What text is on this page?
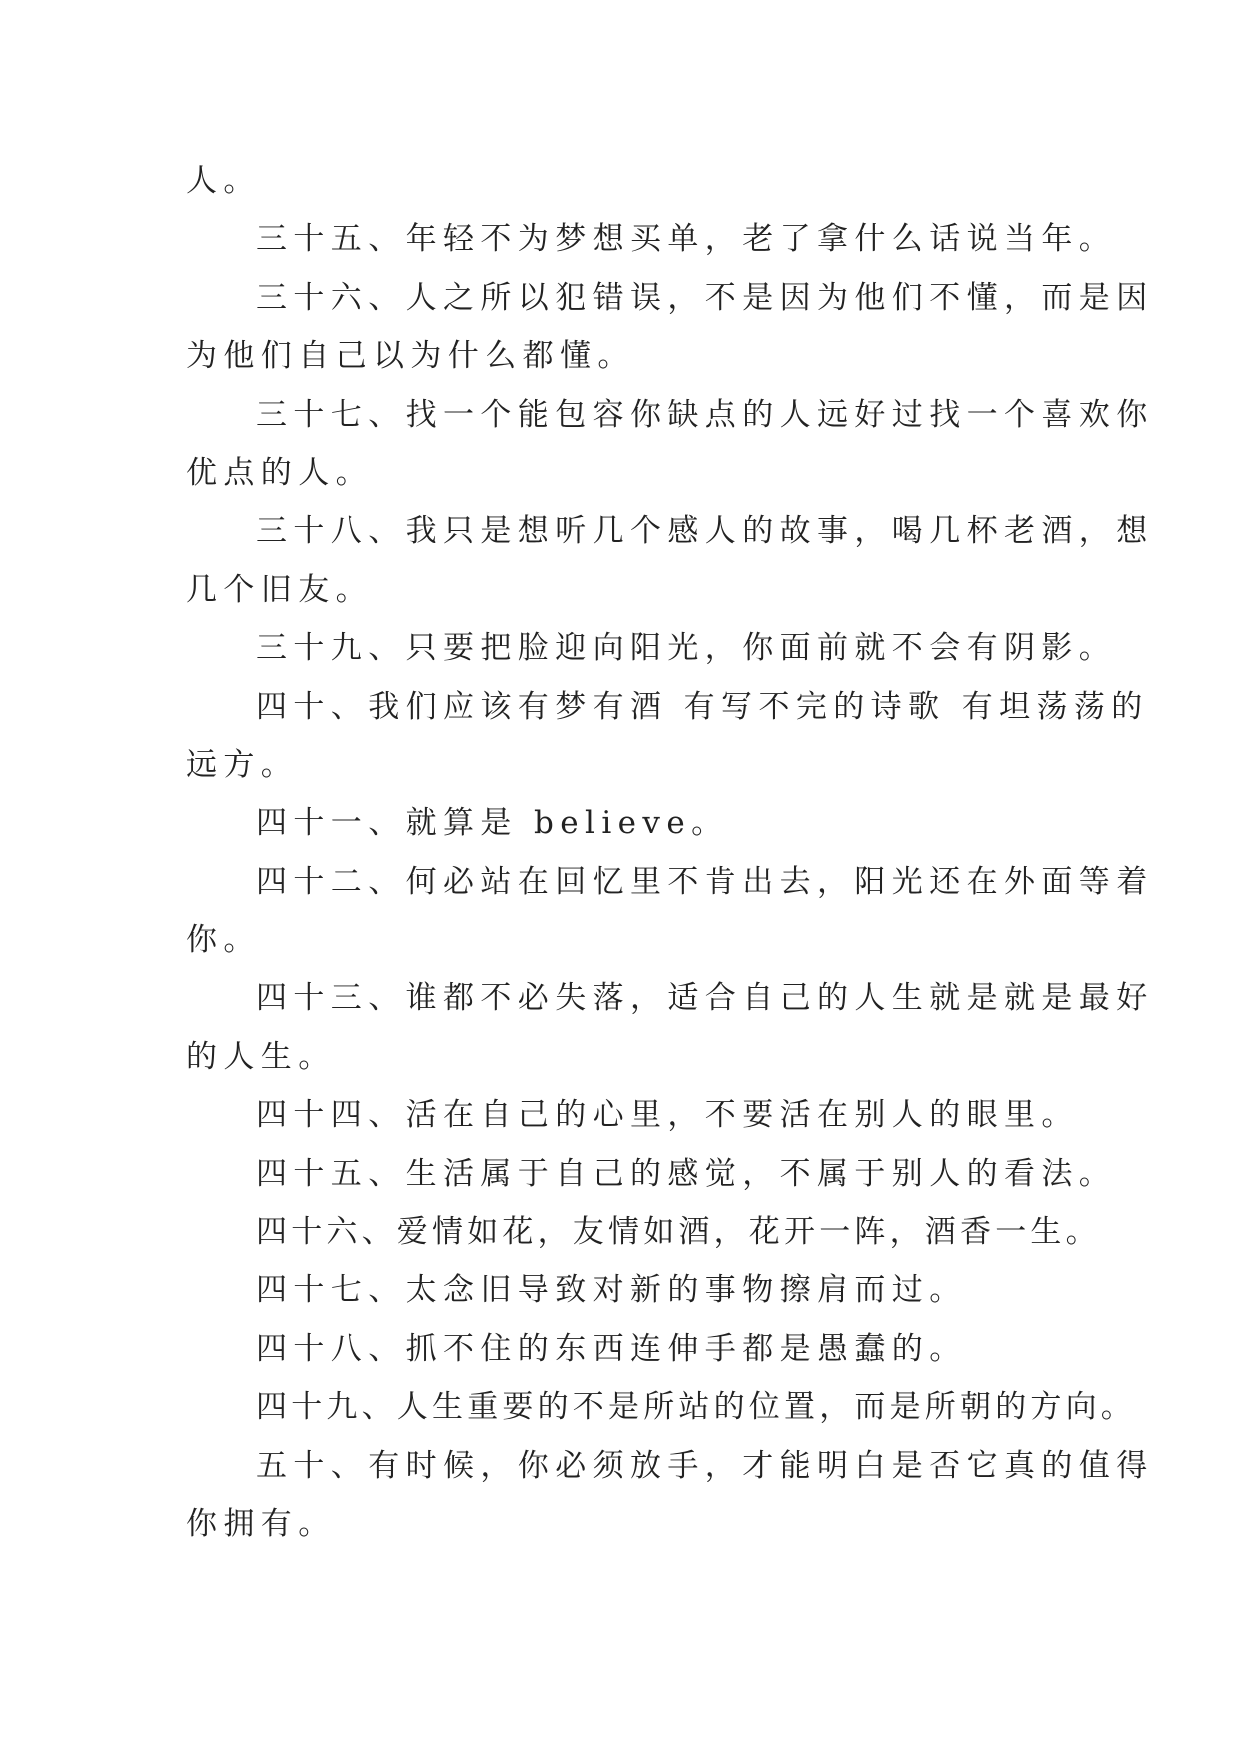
人。
三十五、年轻不为梦想买单，老了拿什么话说当年。
三十六、人之所以犯错误，不是因为他们不懂，而是因
为他们自己以为什么都懂。
三十七、找一个能包容你缺点的人远好过找一个喜欢你
优点的人。
三十八、我只是想听几个感人的故事，喝几杯老酒，想
几个旧友。
三十九、只要把脸迎向阳光，你面前就不会有阴影。
四十、我们应该有梦有酒 有写不完的诗歌 有坦荡荡的
远方。
四十一、就算是 believe。
四十二、何必站在回忆里不肯出去，阳光还在外面等着
你。
四十三、谁都不必失落，适合自己的人生就是就是最好
的人生。
四十四、活在自己的心里，不要活在别人的眼里。
四十五、生活属于自己的感觉，不属于别人的看法。
四十六、爱情如花，友情如酒，花开一阵，酒香一生。
四十七、太念旧导致对新的事物擦肩而过。
四十八、抓不住的东西连伸手都是愚蠢的。
四十九、人生重要的不是所站的位置，而是所朝的方向。
五十、有时候，你必须放手，才能明白是否它真的值得
你拥有。
